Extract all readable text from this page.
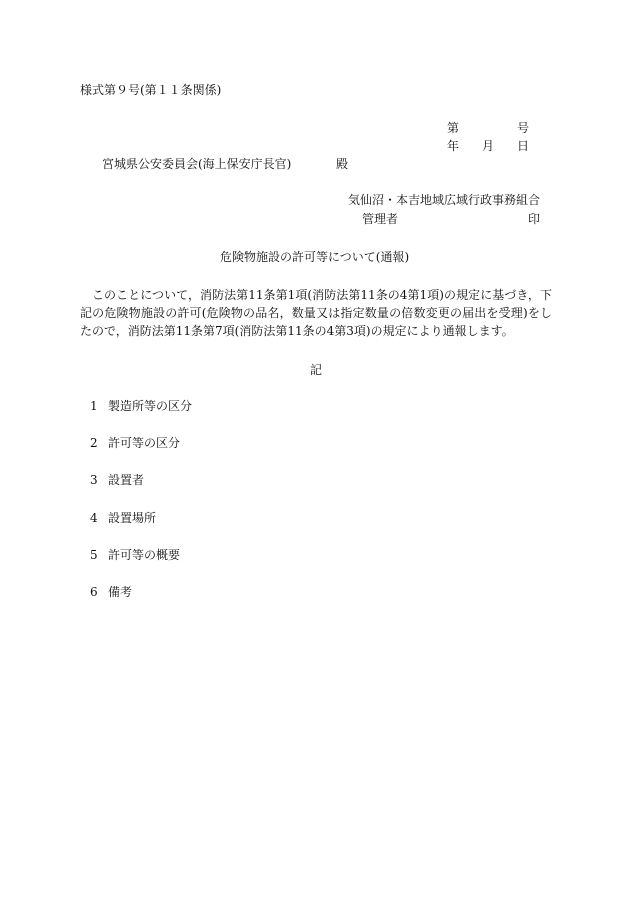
様式第９号(第１１条関係)
第	号
年 月 日
宮城県公安委員会(海上保安庁長官)	殿
気仙沼・本吉地域広域行政事務組合
管理者	印
危険物施設の許可等について(通報)
このことについて，消防法第11条第1項(消防法第11条の4第1項)の規定に基づき，下記の危険物施設の許可(危険物の品名，数量又は指定数量の倍数変更の届出を受理)をしたので，消防法第11条第7項(消防法第11条の4第3項)の規定により通報します。
記
1 製造所等の区分
2 許可等の区分
3 設置者
4 設置場所
5 許可等の概要
6 備考
